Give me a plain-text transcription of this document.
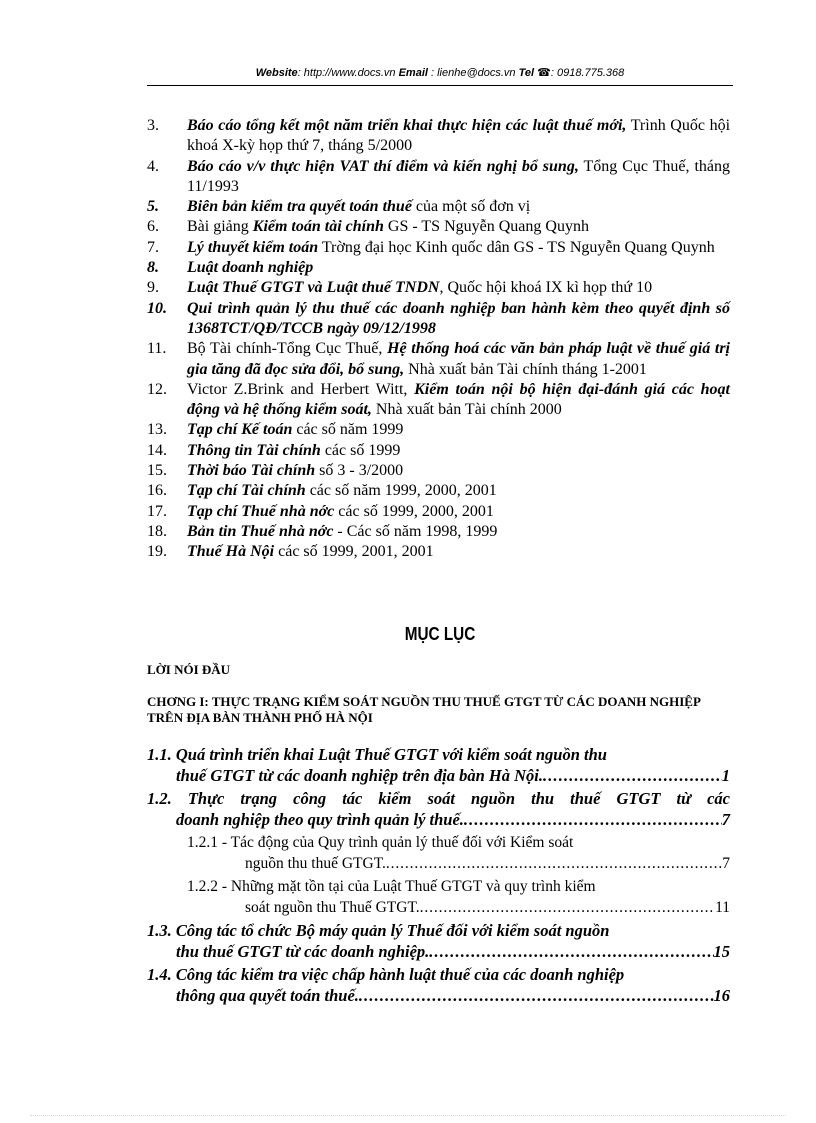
Website: http://www.docs.vn Email : lienhe@docs.vn Tel ☎: 0918.775.368
3. Báo cáo tổng kết một năm triển khai thực hiện các luật thuế mới, Trình Quốc hội khoá X-kỳ họp thứ 7, tháng 5/2000
4. Báo cáo v/v thực hiện VAT thí điểm và kiến nghị bổ sung, Tổng Cục Thuế, tháng 11/1993
5. Biên bản kiểm tra quyết toán thuế của một số đơn vị
6. Bài giảng Kiểm toán tài chính GS - TS Nguyễn Quang Quynh
7. Lý thuyết kiểm toán Trờng đại học Kinh quốc dân GS - TS Nguyễn Quang Quynh
8. Luật doanh nghiệp
9. Luật Thuế GTGT và Luật thuế TNDN, Quốc hội khoá IX kì họp thứ 10
10. Qui trình quản lý thu thuế các doanh nghiệp ban hành kèm theo quyết định số 1368TCT/QĐ/TCCB ngày 09/12/1998
11. Bộ Tài chính-Tổng Cục Thuế, Hệ thống hoá các văn bản pháp luật về thuế giá trị gia tăng đã đọc sửa đổi, bổ sung, Nhà xuất bản Tài chính tháng 1-2001
12. Victor Z.Brink and Herbert Witt, Kiểm toán nội bộ hiện đại-đánh giá các hoạt động và hệ thống kiểm soát, Nhà xuất bản Tài chính 2000
13. Tạp chí Kế toán các số năm 1999
14. Thông tin Tài chính các số 1999
15. Thời báo Tài chính số 3 - 3/2000
16. Tạp chí Tài chính các số năm 1999, 2000, 2001
17. Tạp chí Thuế nhà nớc các số 1999, 2000, 2001
18. Bản tin Thuế nhà nớc - Các số năm 1998, 1999
19. Thuế Hà Nội các số 1999, 2001, 2001
MỤC LỤC
LỜI NÓI ĐẦU
CHƠNG I: THỰC TRẠNG KIỂM SOÁT NGUỒN THU THUẾ GTGT TỪ CÁC DOANH NGHIỆP TRÊN ĐỊA BÀN THÀNH PHỐ HÀ NỘI
1.1. Quá trình triển khai Luật Thuế GTGT với kiểm soát nguồn thu
thuế GTGT từ các doanh nghiệp trên địa bàn Hà Nội. . . .	1
1.2. Thực trạng công tác kiểm soát nguồn thu thuế GTGT từ các
doanh nghiệp theo quy trình quản lý thuế. . . .	7
1.2.1 - Tác động của Quy trình quản lý thuế đối với Kiểm soát
nguồn thu thuế GTGT. . . .	7
1.2.2 - Những mặt tồn tại của Luật Thuế GTGT và quy trình kiểm
soát nguồn thu Thuế GTGT. . . .	11
1.3. Công tác tổ chức Bộ máy quản lý Thuế đối với kiểm soát nguồn
thu thuế GTGT từ các doanh nghiệp. . . .	15
1.4. Công tác kiểm tra việc chấp hành luật thuế của các doanh nghiệp
thông qua quyết toán thuế. . . .	16
